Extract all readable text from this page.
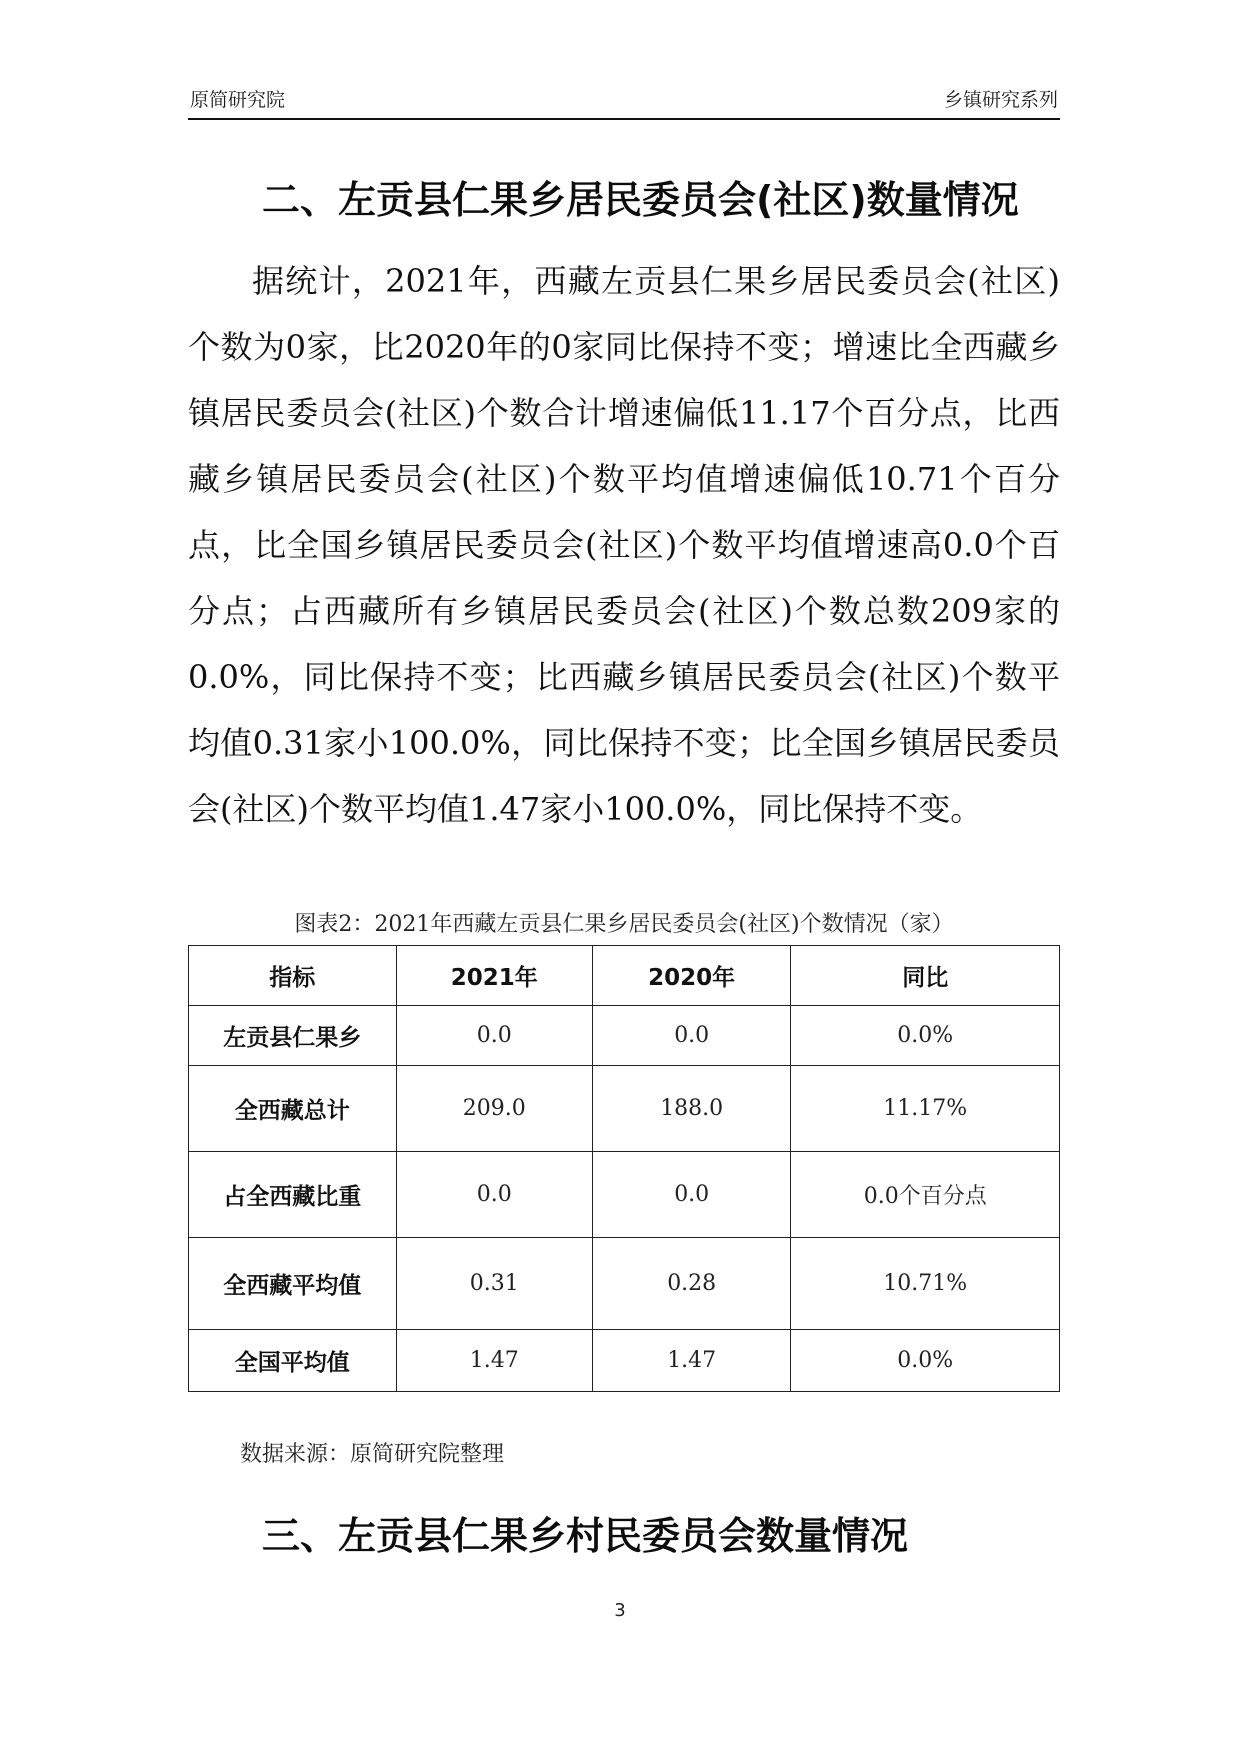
原简研究院	乡镇研究系列
二、左贡县仁果乡居民委员会(社区)数量情况

据统计，2021年，西藏左贡县仁果乡居民委员会(社区)个数为0家，比2020年的0家同比保持不变；增速比全西藏乡镇居民委员会(社区)个数合计增速偏低11.17个百分点，比西藏乡镇居民委员会(社区)个数平均值增速偏低10.71个百分点，比全国乡镇居民委员会(社区)个数平均值增速高0.0个百分点；占西藏所有乡镇居民委员会(社区)个数总数209家的0.0%，同比保持不变；比西藏乡镇居民委员会(社区)个数平均值0.31家小100.0%，同比保持不变；比全国乡镇居民委员会(社区)个数平均值1.47家小100.0%，同比保持不变。

图表2：2021年西藏左贡县仁果乡居民委员会(社区)个数情况（家）
指标	2021年	2020年	同比
左贡县仁果乡	0.0	0.0	0.0%
全西藏总计	209.0	188.0	11.17%
占全西藏比重	0.0	0.0	0.0个百分点
全西藏平均值	0.31	0.28	10.71%
全国平均值	1.47	1.47	0.0%
数据来源：原简研究院整理
三、左贡县仁果乡村民委员会数量情况
3
